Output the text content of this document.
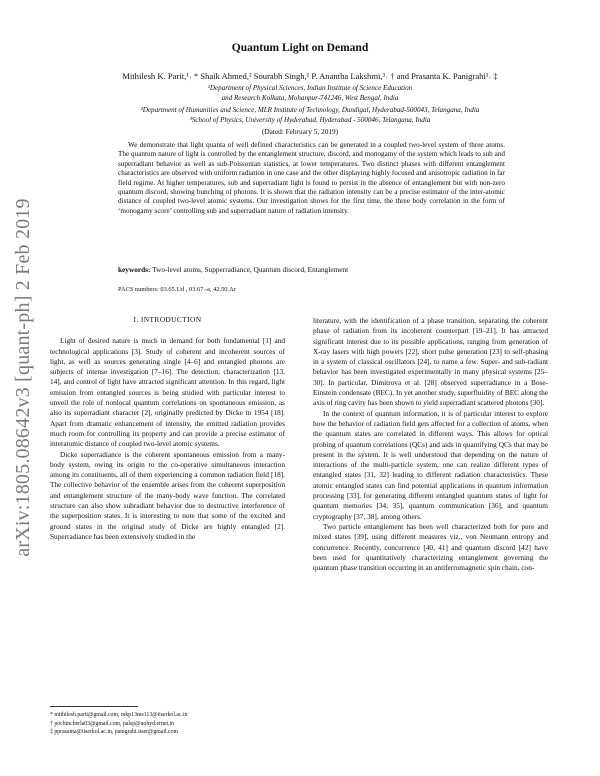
arXiv:1805.08642v3 [quant-ph] 2 Feb 2019
Quantum Light on Demand
Mithilesh K. Parit,¹˒ * Shaik Ahmed,² Sourabh Singh,¹ P. Anantha Lakshmi,³˒ † and Prasanta K. Panigrahi¹˒ ‡
¹Department of Physical Sciences, Indian Institute of Science Education
and Research Kolkata, Mohanpur-741246, West Bengal, India
²Department of Humanities and Science, MLR Institute of Technology, Dundigal, Hyderabad-500043, Telangana, India
³School of Physics, University of Hyderabad, Hyderabad - 500046, Telangana, India
(Dated: February 5, 2019)
We demonstrate that light quanta of well defined characteristics can be generated in a coupled two-level system of three atoms. The quantum nature of light is controlled by the entanglement structure, discord, and monogamy of the system which leads to sub and superradiant behavior as well as sub-Poissonian statistics, at lower temperatures. Two distinct phases with different entanglement characteristics are observed with uniform radiation in one case and the other displaying highly focused and anisotropic radiation in far field regime. At higher temperatures, sub and superradiant light is found to persist in the absence of entanglement but with non-zero quantum discord, showing bunching of photons. It is shown that the radiation intensity can be a precise estimator of the inter-atomic distance of coupled two-level atomic systems. Our investigation shows for the first time, the three body correlation in the form of ‘monogamy score’ controlling sub and superradiant nature of radiation intensity.
keywords: Two-level atoms, Supperradiance, Quantum discord, Entanglement
PACS numbers: 03.65.Ud , 03.67.-a, 42.50.Ar
I. INTRODUCTION

Light of desired nature is much in demand for both fundamental [1] and technological applications [3]. Study of coherent and incoherent sources of light, as well as sources generating single [4–6] and entangled photons are subjects of intense investigation [7–16]. The detection, characterization [13, 14], and control of light have attracted significant attention. In this regard, light emission from entangled sources is being studied with particular interest to unveil the role of nonlocal quantum correlations on spontaneous emission, as also its superradiant character [2], originally predicted by Dicke in 1954 [18]. Apart from dramatic enhancement of intensity, the emitted radiation provides much room for controlling its property and can provide a precise estimator of interatomic distance of coupled two-level atomic systems.

Dicke superradiance is the coherent spontaneous emission from a many-body system, owing its origin to the co-operative simultaneous interaction among its constituents, all of them experiencing a common radiation field [18]. The collective behavior of the ensemble arises from the coherent superposition and entanglement structure of the many-body wave function. The correlated structure can also show subradiant behavior due to destructive interference of the superposition states. It is interesting to note that some of the excited and ground states in the original study of Dicke are highly entangled [2]. Superradiance has been extensively studied in the

literature, with the identification of a phase transition, separating the coherent phase of radiation from its incoherent counterpart [19–21]. It has attracted significant interest due to its possible applications, ranging from generation of X-ray lasers with high powers [22], short pulse generation [23] to self-phasing in a system of classical oscillators [24], to name a few. Super- and sub-radiant behavior has been investigated experimentally in many physical systems [25–30]. In particular, Dimitrova et al. [28] observed superradiance in a Bose-Einstein condensate (BEC). In yet another study, superfluidity of BEC along the axis of ring cavity has been shown to yield superradiant scattered photons [30].

In the context of quantum information, it is of particular interest to explore how the behavior of radiation field gets affected for a collection of atoms, when the quantum states are correlated in different ways. This allows for optical probing of quantum correlations (QCs) and aids in quantifying QCs that may be present in the system. It is well understood that depending on the nature of interactions of the multi-particle system, one can realize different types of entangled states [31, 32] leading to different radiation characteristics. These atomic entangled states can find potential applications in quantum information processing [33], for generating different entangled quantum states of light for quantum memories [34, 35], quantum communication [36], and quantum cryptography [37, 38], among others.

Two particle entanglement has been well characterized both for pure and mixed states [39], using different measures viz., von Neumann entropy and concurrence. Recently, concurrence [40, 41] and quantum discord [42] have been used for quantitatively characterizing entanglement governing the quantum phase transition occurring in an antiferromagnetic spin chain, con-

* mithilesh.parit@gmail.com, mkp13ms113@iiserkol.ac.in
† pochincherla03@gmail.com, palsp@uohyd.ernet.in
‡ pprasanta@iiserkol.ac.in, panigrahi.iiser@gmail.com
